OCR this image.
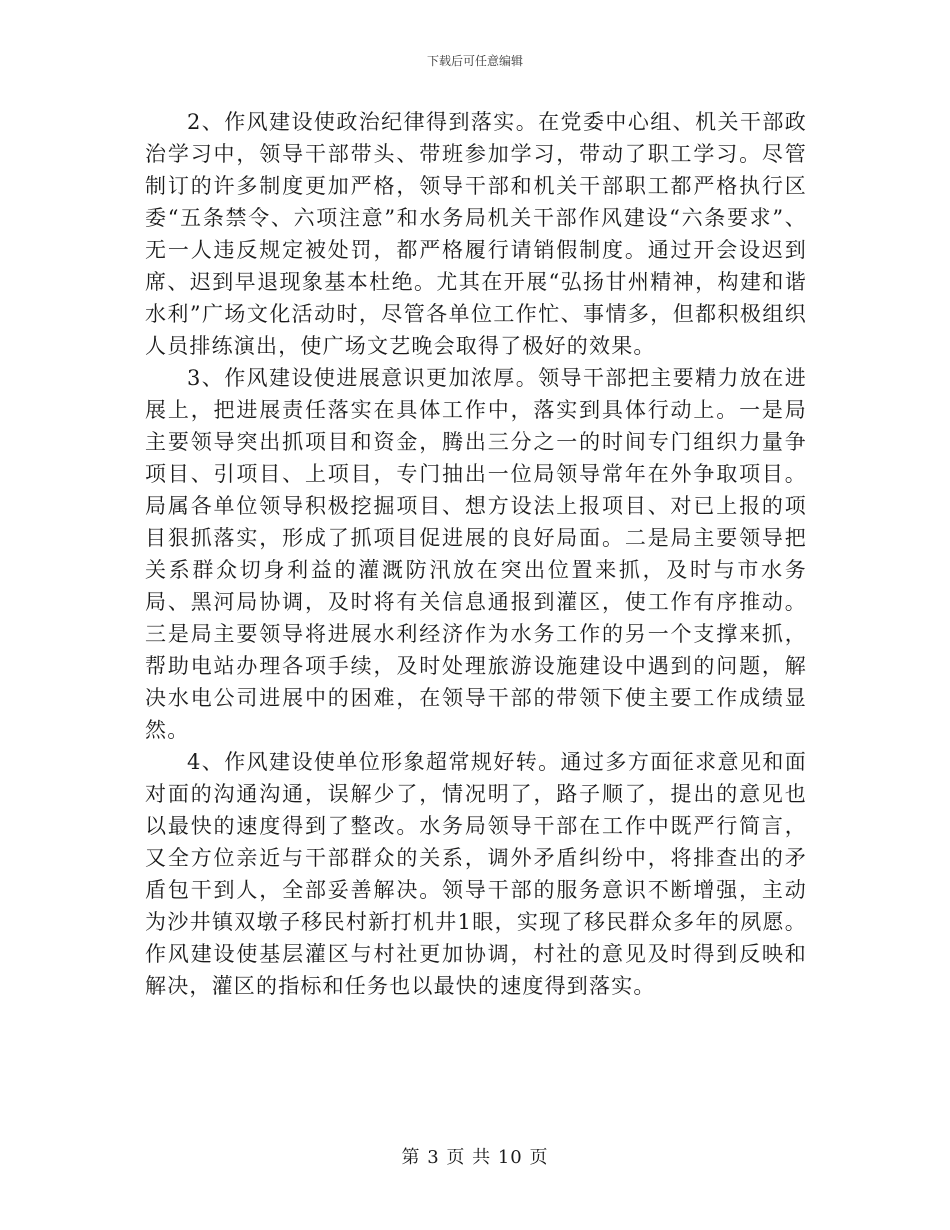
下载后可任意编辑

2、作风建设使政治纪律得到落实。在党委中心组、机关干部政治学习中，领导干部带头、带班参加学习，带动了职工学习。尽管制订的许多制度更加严格，领导干部和机关干部职工都严格执行区委“五条禁令、六项注意”和水务局机关干部作风建设“六条要求”、无一人违反规定被处罚，都严格履行请销假制度。通过开会设迟到席、迟到早退现象基本杜绝。尤其在开展“弘扬甘州精神，构建和谐水利”广场文化活动时，尽管各单位工作忙、事情多，但都积极组织人员排练演出，使广场文艺晚会取得了极好的效果。

3、作风建设使进展意识更加浓厚。领导干部把主要精力放在进展上，把进展责任落实在具体工作中，落实到具体行动上。一是局主要领导突出抓项目和资金，腾出三分之一的时间专门组织力量争项目、引项目、上项目，专门抽出一位局领导常年在外争取项目。局属各单位领导积极挖掘项目、想方设法上报项目、对已上报的项目狠抓落实，形成了抓项目促进展的良好局面。二是局主要领导把关系群众切身利益的灌溉防汛放在突出位置来抓，及时与市水务局、黑河局协调，及时将有关信息通报到灌区，使工作有序推动。三是局主要领导将进展水利经济作为水务工作的另一个支撑来抓，帮助电站办理各项手续，及时处理旅游设施建设中遇到的问题，解决水电公司进展中的困难，在领导干部的带领下使主要工作成绩显然。

4、作风建设使单位形象超常规好转。通过多方面征求意见和面对面的沟通沟通，误解少了，情况明了，路子顺了，提出的意见也以最快的速度得到了整改。水务局领导干部在工作中既严行简言，又全方位亲近与干部群众的关系，调外矛盾纠纷中，将排查出的矛盾包干到人，全部妥善解决。领导干部的服务意识不断增强，主动为沙井镇双墩子移民村新打机井1眼，实现了移民群众多年的夙愿。作风建设使基层灌区与村社更加协调，村社的意见及时得到反映和解决，灌区的指标和任务也以最快的速度得到落实。

第 3 页 共 10 页
